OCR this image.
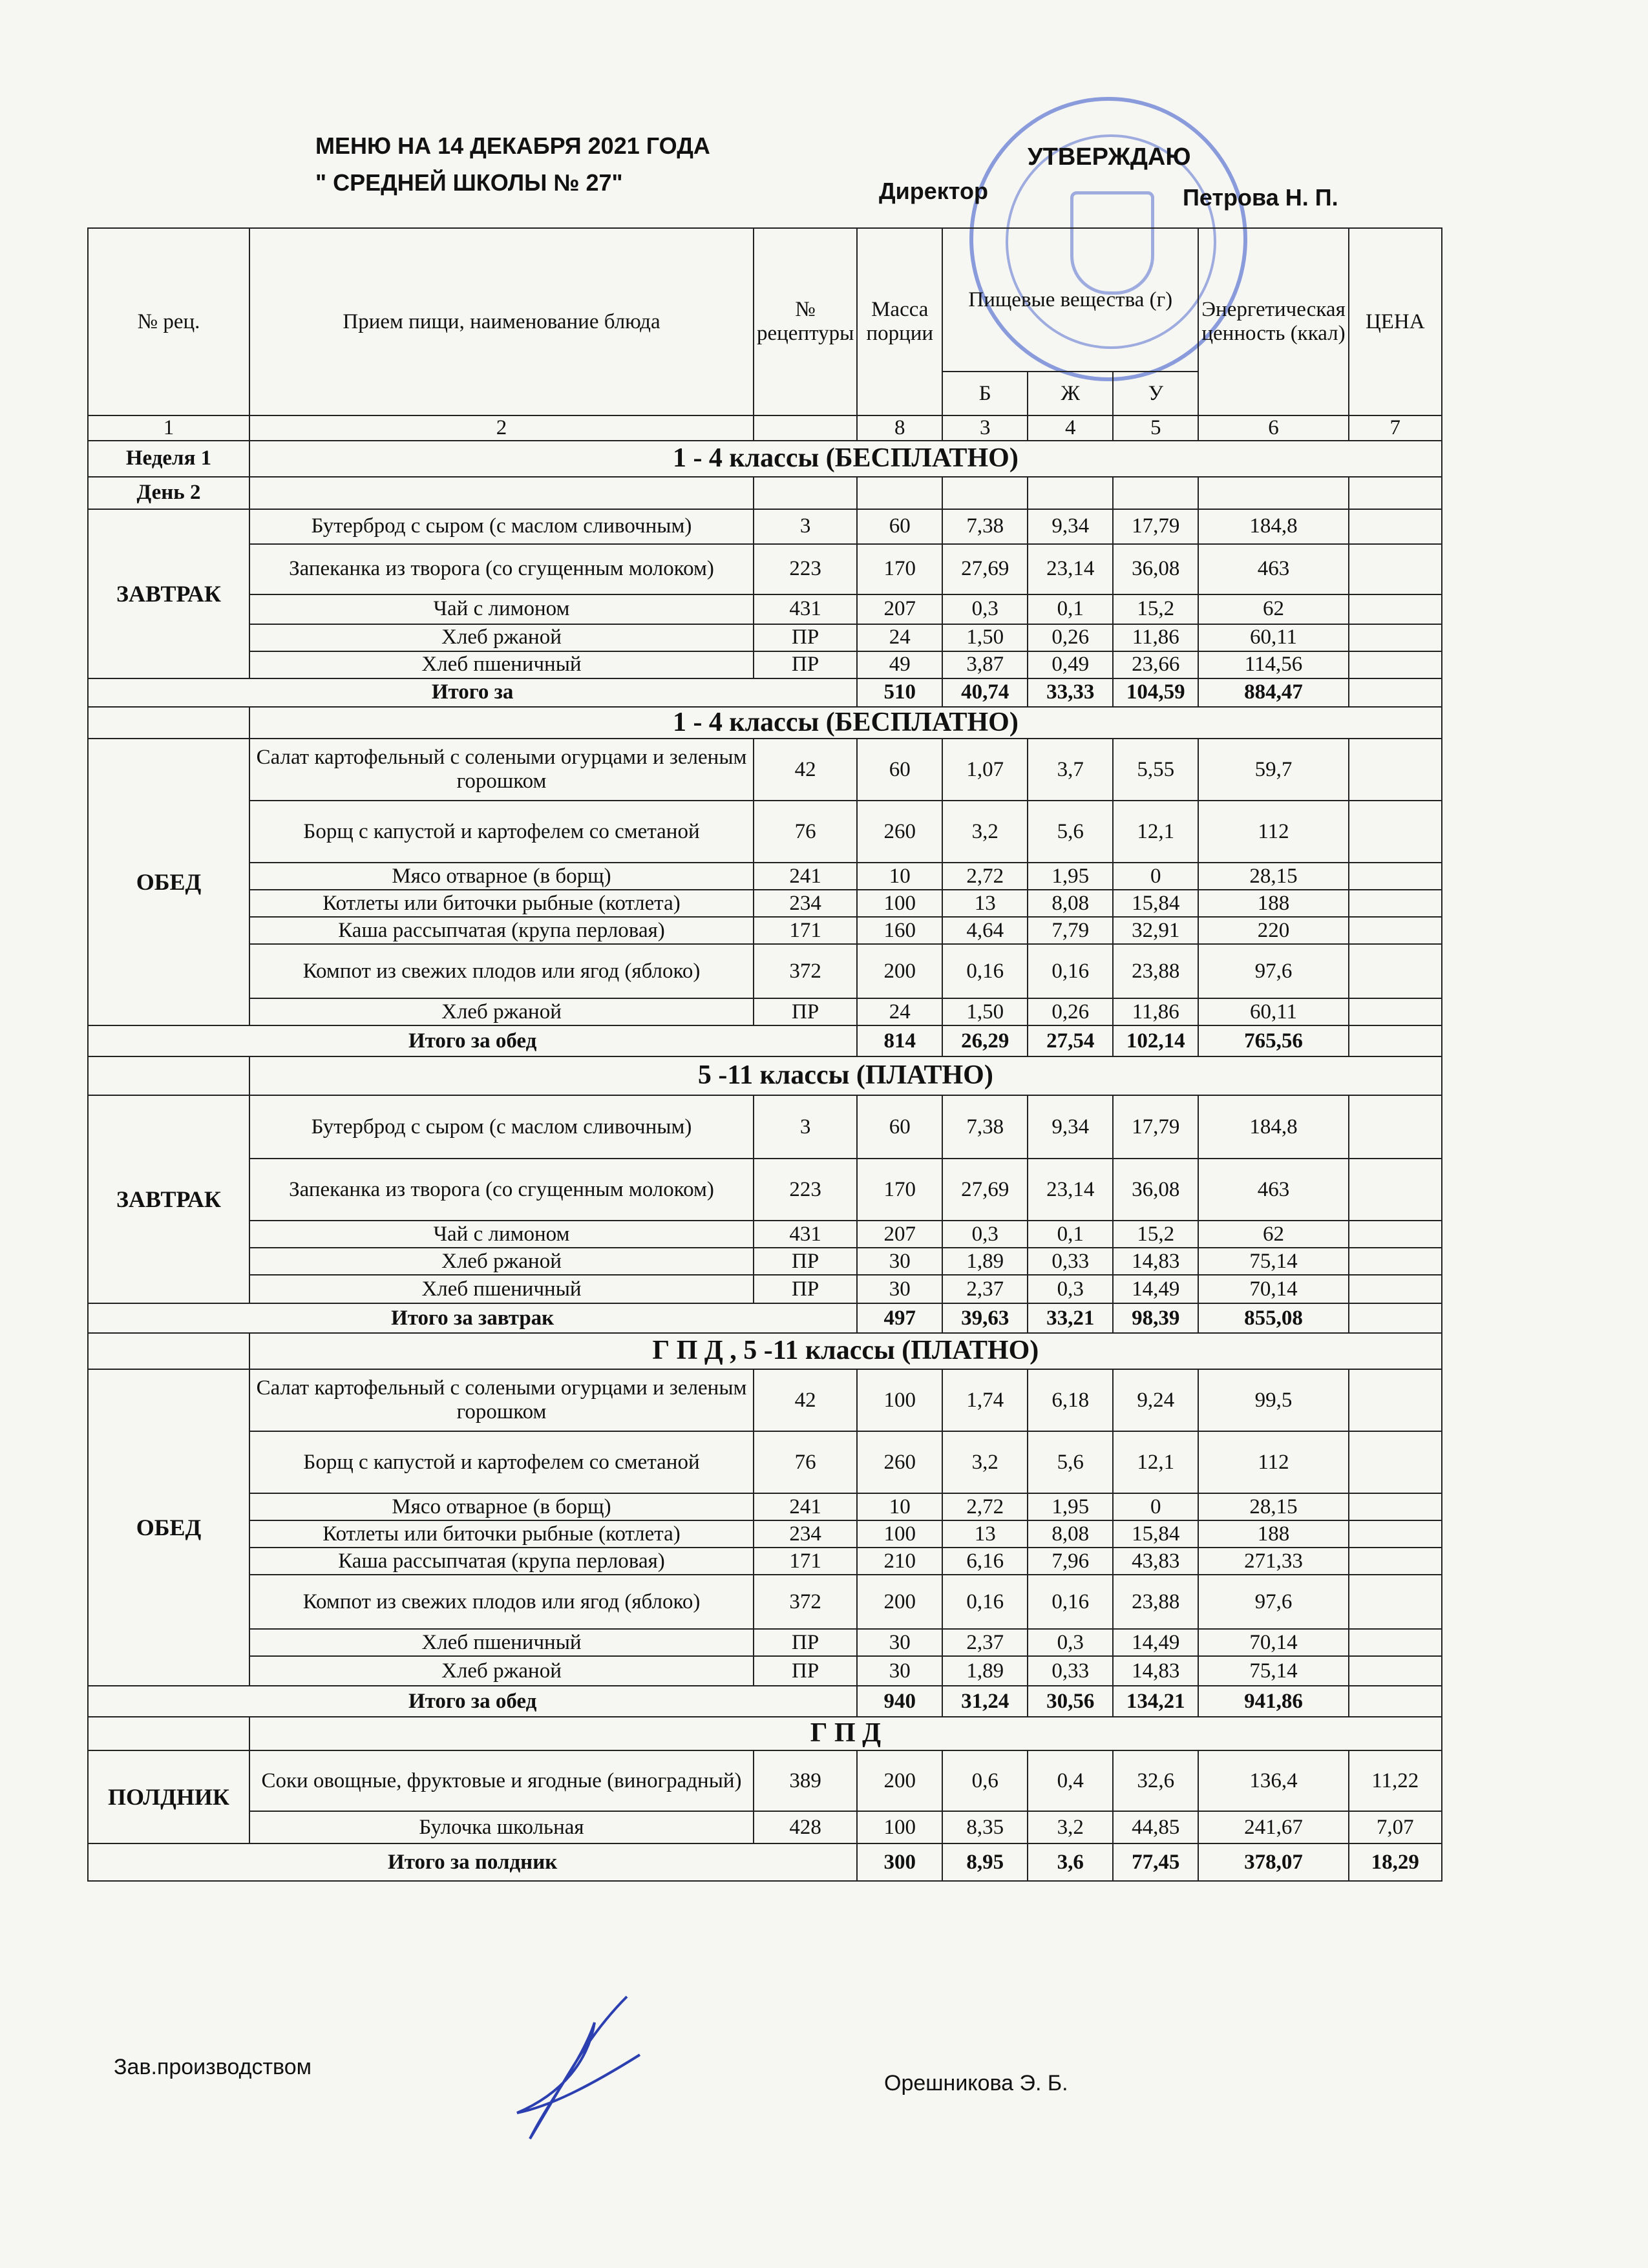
МЕНЮ НА 14 ДЕКАБРЯ 2021 ГОДА
" СРЕДНЕЙ ШКОЛЫ № 27"
УТВЕРЖДАЮ
Директор	Петрова Н. П.
№ рец.	Прием пищи, наименование блюда	№ рецептуры	Масса порции	Пищевые вещества (г)			Энергетическая ценность (ккал)	ЦЕНА
				Б	Ж	У		
1	2		8	3	4	5	6	7
Неделя 1	1 - 4 классы (БЕСПЛАТНО)							
День 2								
ЗАВТРАК	Бутерброд с сыром (с маслом сливочным)	3	60	7,38	9,34	17,79	184,8	
	Запеканка из творога (со сгущенным молоком)	223	170	27,69	23,14	36,08	463	
	Чай с лимоном	431	207	0,3	0,1	15,2	62	
	Хлеб ржаной	ПР	24	1,50	0,26	11,86	60,11	
	Хлеб пшеничный	ПР	49	3,87	0,49	23,66	114,56	
Итого за			510	40,74	33,33	104,59	884,47	
	1 - 4 классы (БЕСПЛАТНО)							
ОБЕД	Салат картофельный с солеными огурцами и зеленым горошком	42	60	1,07	3,7	5,55	59,7	
	Борщ с капустой и картофелем со сметаной	76	260	3,2	5,6	12,1	112	
	Мясо отварное (в борщ)	241	10	2,72	1,95	0	28,15	
	Котлеты или биточки рыбные (котлета)	234	100	13	8,08	15,84	188	
	Каша рассыпчатая (крупа перловая)	171	160	4,64	7,79	32,91	220	
	Компот из свежих плодов или ягод (яблоко)	372	200	0,16	0,16	23,88	97,6	
	Хлеб ржаной	ПР	24	1,50	0,26	11,86	60,11	
Итого за обед			814	26,29	27,54	102,14	765,56	
	5 -11 классы (ПЛАТНО)							
ЗАВТРАК	Бутерброд с сыром (с маслом сливочным)	3	60	7,38	9,34	17,79	184,8	
	Запеканка из творога (со сгущенным молоком)	223	170	27,69	23,14	36,08	463	
	Чай с лимоном	431	207	0,3	0,1	15,2	62	
	Хлеб ржаной	ПР	30	1,89	0,33	14,83	75,14	
	Хлеб пшеничный	ПР	30	2,37	0,3	14,49	70,14	
Итого за завтрак			497	39,63	33,21	98,39	855,08	
	Г П Д , 5 -11 классы (ПЛАТНО)							
ОБЕД	Салат картофельный с солеными огурцами и зеленым горошком	42	100	1,74	6,18	9,24	99,5	
	Борщ с капустой и картофелем со сметаной	76	260	3,2	5,6	12,1	112	
	Мясо отварное (в борщ)	241	10	2,72	1,95	0	28,15	
	Котлеты или биточки рыбные (котлета)	234	100	13	8,08	15,84	188	
	Каша рассыпчатая (крупа перловая)	171	210	6,16	7,96	43,83	271,33	
	Компот из свежих плодов или ягод (яблоко)	372	200	0,16	0,16	23,88	97,6	
	Хлеб пшеничный	ПР	30	2,37	0,3	14,49	70,14	
	Хлеб ржаной	ПР	30	1,89	0,33	14,83	75,14	
Итого за обед			940	31,24	30,56	134,21	941,86	
	Г П Д							
ПОЛДНИК	Соки овощные, фруктовые и ягодные (виноградный)	389	200	0,6	0,4	32,6	136,4	11,22
	Булочка школьная	428	100	8,35	3,2	44,85	241,67	7,07
Итого за полдник			300	8,95	3,6	77,45	378,07	18,29
Зав.производством
Орешникова Э. Б.
